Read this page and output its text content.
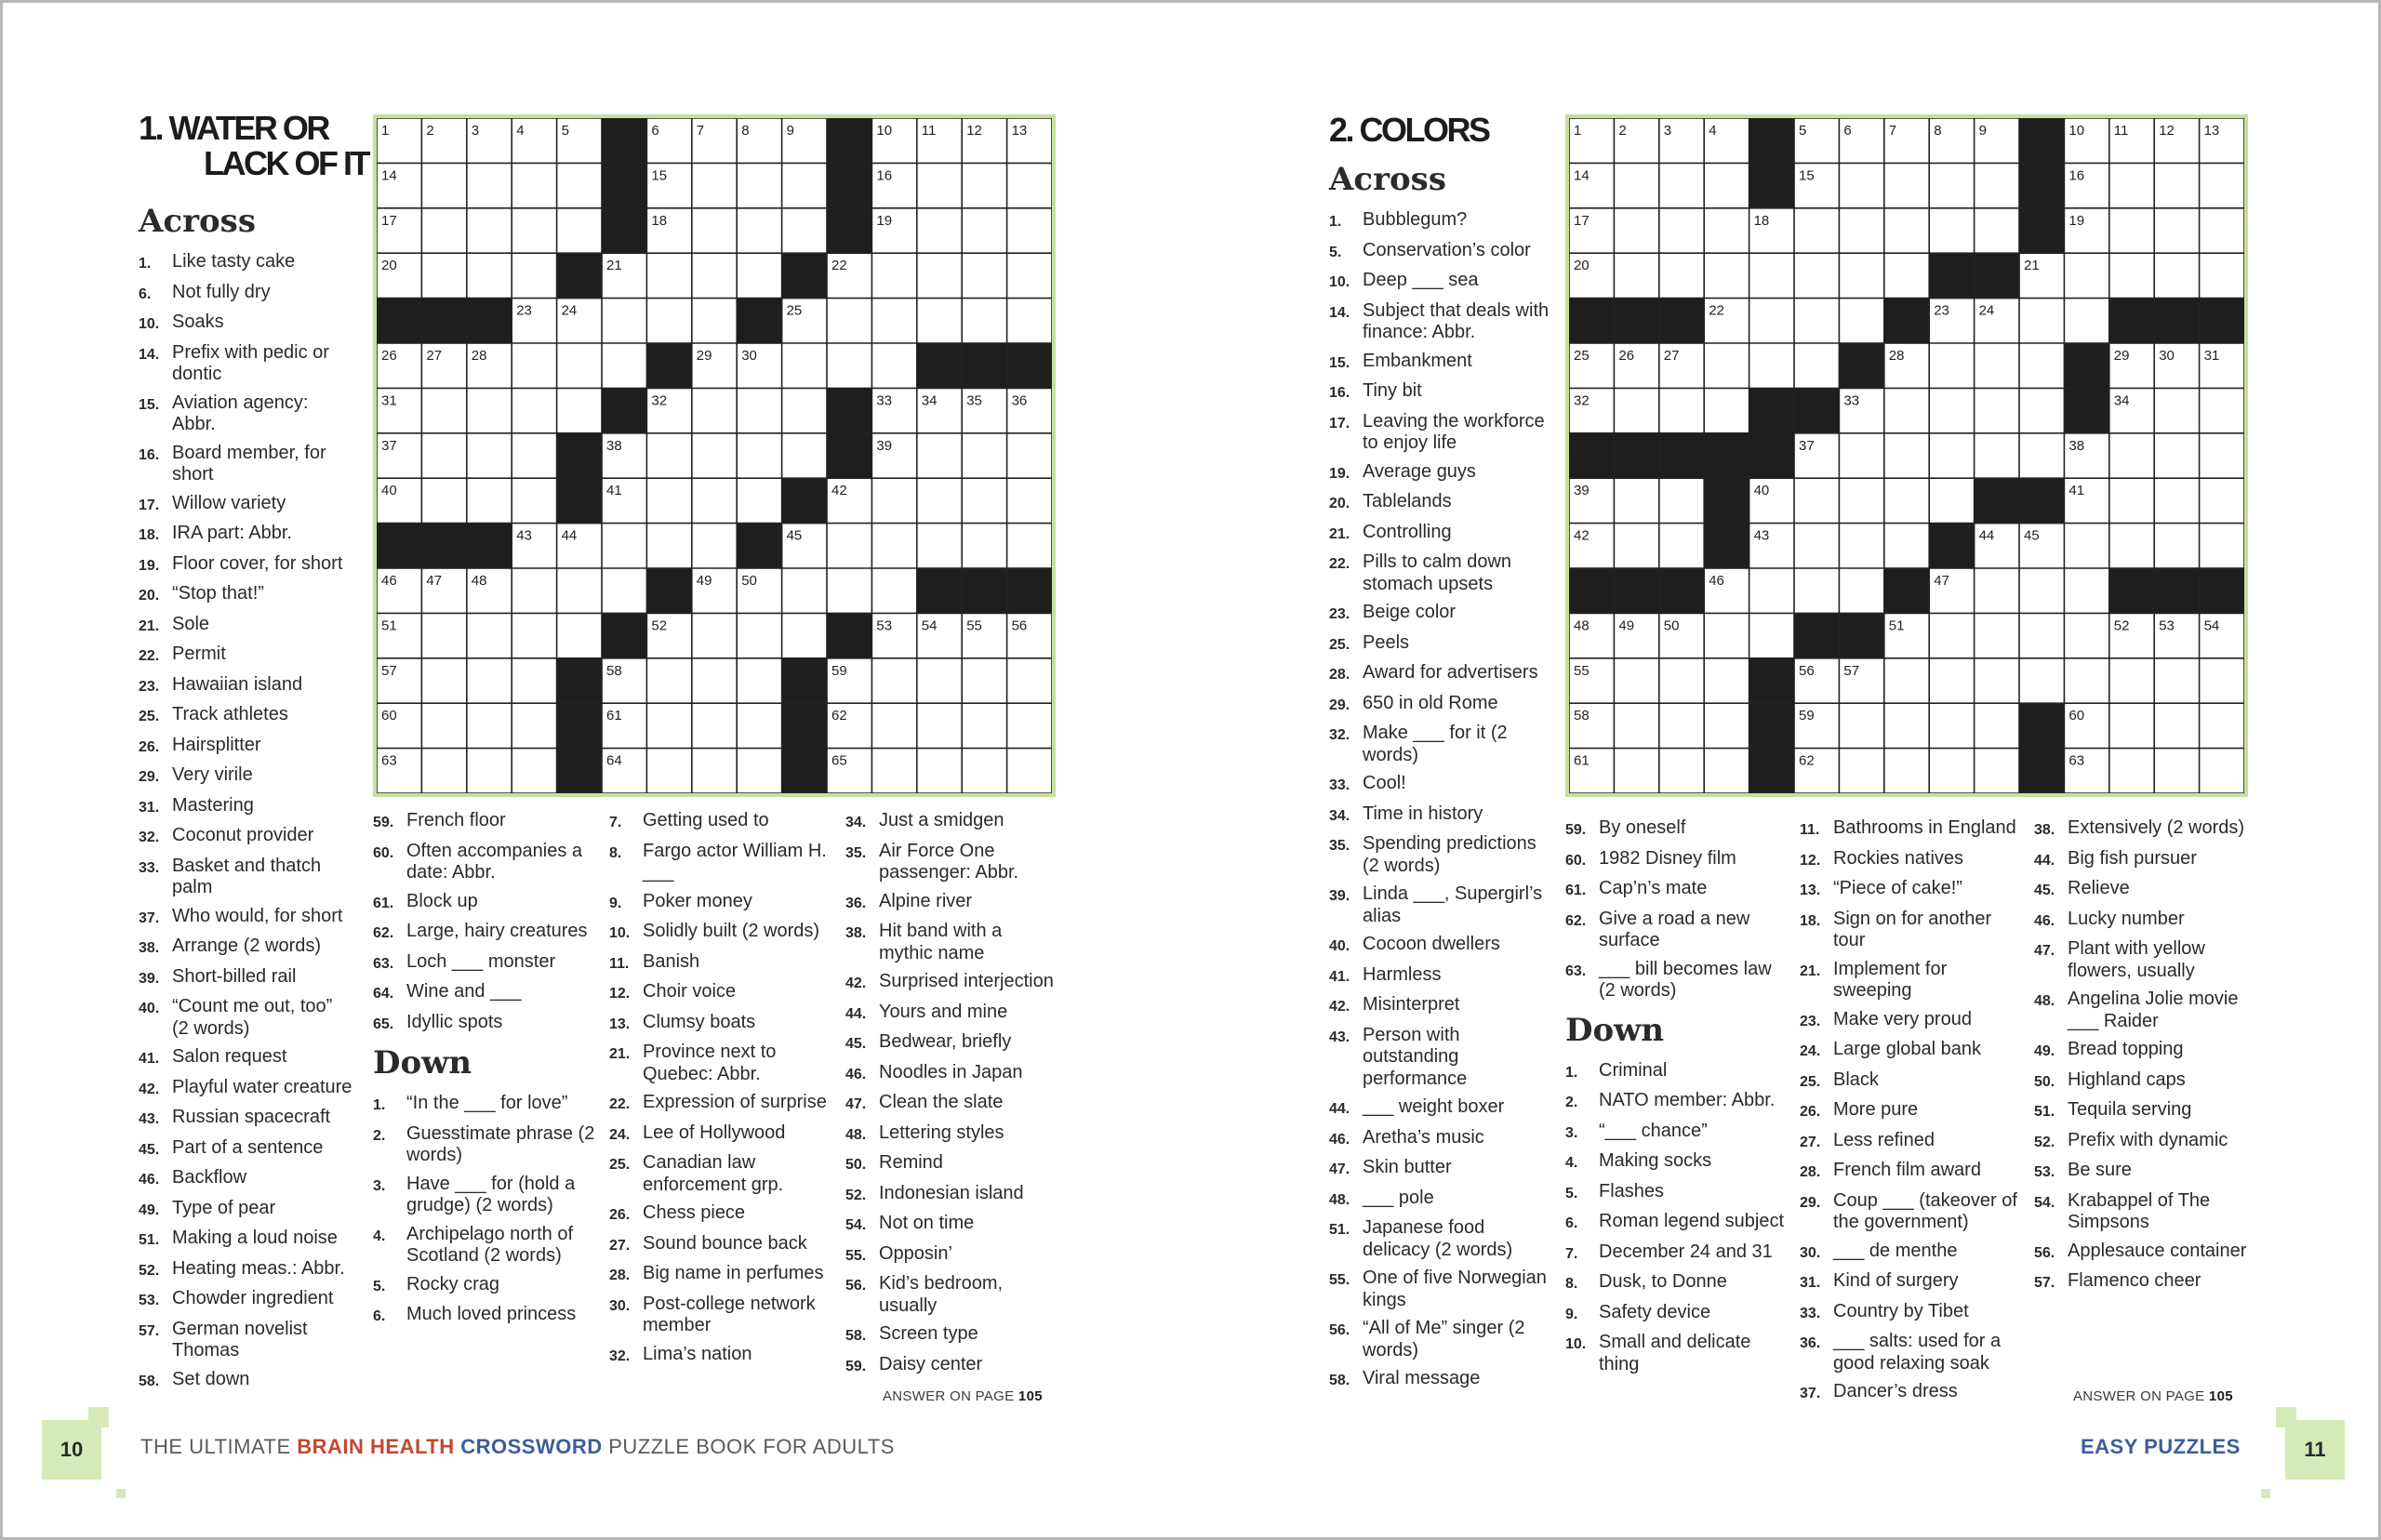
1. WATER OR
LACK OF IT
1	2	3	4	5	6	7	8	9	10 11 12 13
14	15	16
17	18	19
20	21	22
23 24	25
26 27 28	29 30
31	32	33 34 35 36
37	38	39
40	41	42
43 44	45
46 47 48	49 50
51	52	53 54 55 56
57	58	59
60	61	62
63	64	65
Across
1.	Like tasty cake
6.	Not fully dry
10. Soaks
14. Prefix with pedic or dontic
15. Aviation agency: Abbr.
16. Board member, for short
17. Willow variety
18. IRA part: Abbr.
19. Floor cover, for short
20. “Stop that!”
21. Sole
22. Permit
23. Hawaiian island
25. Track athletes
26. Hairsplitter
29. Very virile
31. Mastering
32. Coconut provider
33. Basket and thatch palm
37. Who would, for short
38. Arrange (2 words)
39. Short-billed rail
40. “Count me out, too” (2 words)
41. Salon request
42. Playful water creature
43. Russian spacecraft
45. Part of a sentence
46. Backflow
49. Type of pear
51. Making a loud noise
52. Heating meas.: Abbr.
53. Chowder ingredient
57. German novelist Thomas
58. Set down
59. French floor
60. Often accompanies a date: Abbr.
61. Block up
62. Large, hairy creatures
63. Loch ___ monster
64. Wine and ___
65. Idyllic spots
Down
1.	“In the ___ for love”
2.	Guesstimate phrase (2 words)
3.	Have ___ for (hold a grudge) (2 words)
4.	Archipelago north of Scotland (2 words)
5.	Rocky crag
6.	Much loved princess
7.	Getting used to
8.	Fargo actor William H. ___
9.	Poker money
10. Solidly built (2 words)
11. Banish
12. Choir voice
13. Clumsy boats
21. Province next to Quebec: Abbr.
22. Expression of surprise
24. Lee of Hollywood
25. Canadian law enforcement grp.
26. Chess piece
27. Sound bounce back
28. Big name in perfumes
30. Post-college network member
32. Lima’s nation
34. Just a smidgen
35. Air Force One passenger: Abbr.
36. Alpine river
38. Hit band with a mythic name
42. Surprised interjection
44. Yours and mine
45. Bedwear, briefly
46. Noodles in Japan
47. Clean the slate
48. Lettering styles
50. Remind
52. Indonesian island
54. Not on time
55. Opposin’
56. Kid’s bedroom, usually
58. Screen type
59. Daisy center
ANSWER ON PAGE 105
2. COLORS	1	2	3	4	5	6	7	8	9	10 11 12 13
14	15	16
17	18	19
20	21
22	23 24
25 26 27	28	29 30 31
32	33	34
35	36 37	38
39	40	41
42	43	44 45
46	47
48 49 50	51	52 53 54
55	56 57
58	59	60
61	62	63
Across
1.	Bubblegum?
5.	Conservation’s color
10. Deep ___ sea
14. Subject that deals with finance: Abbr.
15. Embankment
16. Tiny bit
17. Leaving the workforce to enjoy life
19. Average guys
20. Tablelands
21. Controlling
22. Pills to calm down stomach upsets
23. Beige color
25. Peels
28. Award for advertisers
29. 650 in old Rome
32. Make ___ for it (2 words)
33. Cool!
34. Time in history
35. Spending predictions (2 words)
39. Linda ___, Supergirl’s alias
40. Cocoon dwellers
41. Harmless
42. Misinterpret
43. Person with outstanding performance
44. ___ weight boxer
46. Aretha’s music
47. Skin butter
48. ___ pole
51. Japanese food delicacy (2 words)
55. One of five Norwegian kings
56. “All of Me” singer (2 words)
58. Viral message
59. By oneself
60. 1982 Disney film
61. Cap’n’s mate
62. Give a road a new surface
63. ___ bill becomes law (2 words)
Down
1.	Criminal
2.	NATO member: Abbr.
3.	“___ chance”
4.	Making socks
5.	Flashes
6.	Roman legend subject
7.	December 24 and 31
8.	Dusk, to Donne
9.	Safety device
10. Small and delicate thing
11. Bathrooms in England
12. Rockies natives
13. “Piece of cake!”
18. Sign on for another tour
21. Implement for sweeping
23. Make very proud
24. Large global bank
25. Black
26. More pure
27. Less refined
28. French film award
29. Coup ___ (takeover of the government)
30. ___ de menthe
31. Kind of surgery
33. Country by Tibet
36. ___ salts: used for a good relaxing soak
37. Dancer’s dress
38. Extensively (2 words)
44. Big fish pursuer
45. Relieve
46. Lucky number
47. Plant with yellow flowers, usually
48. Angelina Jolie movie ___ Raider
49. Bread topping
50. Highland caps
51. Tequila serving
52. Prefix with dynamic
53. Be sure
54. Krabappel of The Simpsons
56. Applesauce container
57. Flamenco cheer
ANSWER ON PAGE 105
10	THE ULTIMATE BRAIN HEALTH CROSSWORD PUZZLE BOOK FOR ADULTS	EASY PUZZLES	11
